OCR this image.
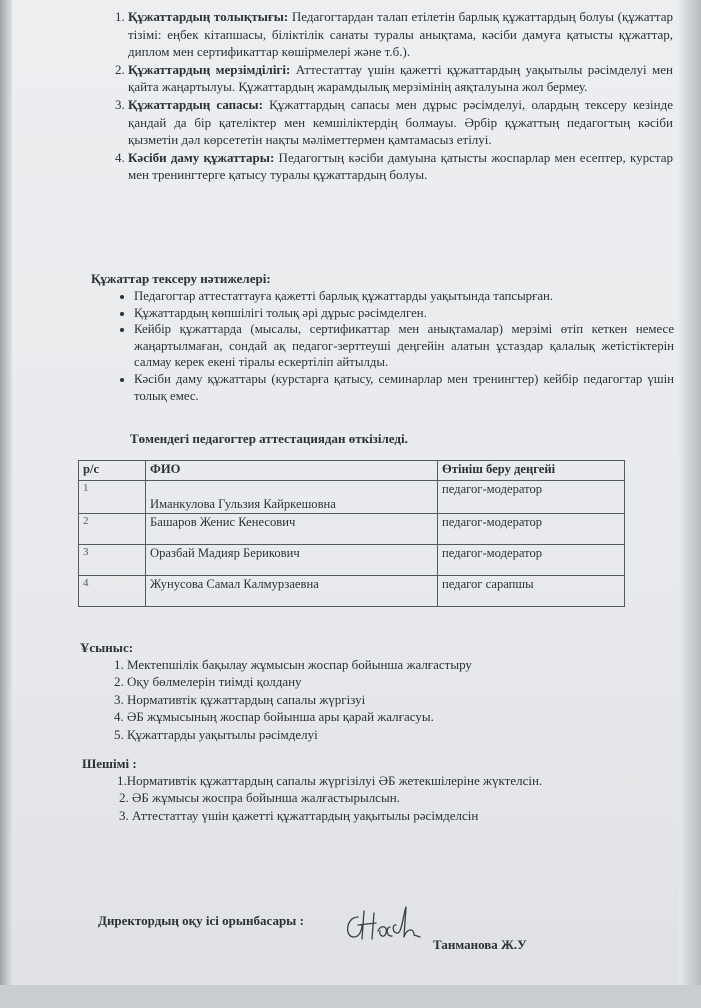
1. Құжаттардың толықтығы: Педагогтардан талап етілетін барлық құжаттардың болуы (құжаттар тізімі: еңбек кітапшасы, біліктілік санаты туралы анықтама, кәсіби дамуға қатысты құжаттар, диплом мен сертификаттар көшірмелері және т.б.).
2. Құжаттардың мерзімділігі: Аттестаттау үшін қажетті құжаттардың уақытылы рәсімделуі мен қайта жаңартылуы. Құжаттардың жарамдылық мерзімінің аяқталуына жол бермеу.
3. Құжаттардың сапасы: Құжаттардың сапасы мен дұрыс рәсімделуі, олардың тексеру кезінде қандай да бір қателіктер мен кемшіліктердің болмауы. Әрбір құжаттың педагогтың кәсіби қызметін дәл көрсететін нақты мәліметтермен қамтамасыз етілуі.
4. Кәсіби даму құжаттары: Педагогтың кәсіби дамуына қатысты жоспарлар мен есептер, курстар мен тренингтерге қатысу туралы құжаттардың болуы.
Құжаттар тексеру нәтижелері:
• Педагогтар аттестаттауға қажетті барлық құжаттарды уақытында тапсырған.
• Құжаттардың көпшілігі толық әрі дұрыс рәсімделген.
• Кейбір құжаттарда (мысалы, сертификаттар мен анықтамалар) мерзімі өтіп кеткен немесе жаңартылмаған, сондай ақ педагог-зерттеуші деңгейін алатын ұстаздар қалалық жетістіктерін салмау керек екені тіралы ескертіліп айтылды.
• Кәсіби даму құжаттары (курстарға қатысу, семинарлар мен тренингтер) кейбір педагогтар үшін толық емес.
Төмендегі педагогтер аттестациядан өткізіледі.
р/с	ФИО	Өтініш беру деңгейі
1	Иманкулова Гульзия Кайркешовна	педагог-модератор
2	Башаров Женис Кенесович	педагог-модератор
3	Оразбай Мадияр Берикович	педагог-модератор
4	Жунусова Самал Калмурзаевна	педагог сарапшы
Ұсыныс:
1. Мектепшілік бақылау жұмысын жоспар бойынша жалғастыру
2. Оқу бөлмелерін тиімді қолдану
3. Нормативтік құжаттардың сапалы жүргізуі
4. ӘБ жұмысының жоспар бойынша ары қарай жалғасуы.
5. Құжаттарды уақытылы рәсімделуі
Шешімі :
1.Нормативтік құжаттардың сапалы жүргізілуі ӘБ жетекшілеріне жүктелсін.
2. ӘБ жұмысы жоспра бойынша жалғастырылсын.
3. Аттестаттау үшін қажетті құжаттардың уақытылы рәсімделсін
Директордың оқу ісі орынбасары :
Танманова Ж.У
